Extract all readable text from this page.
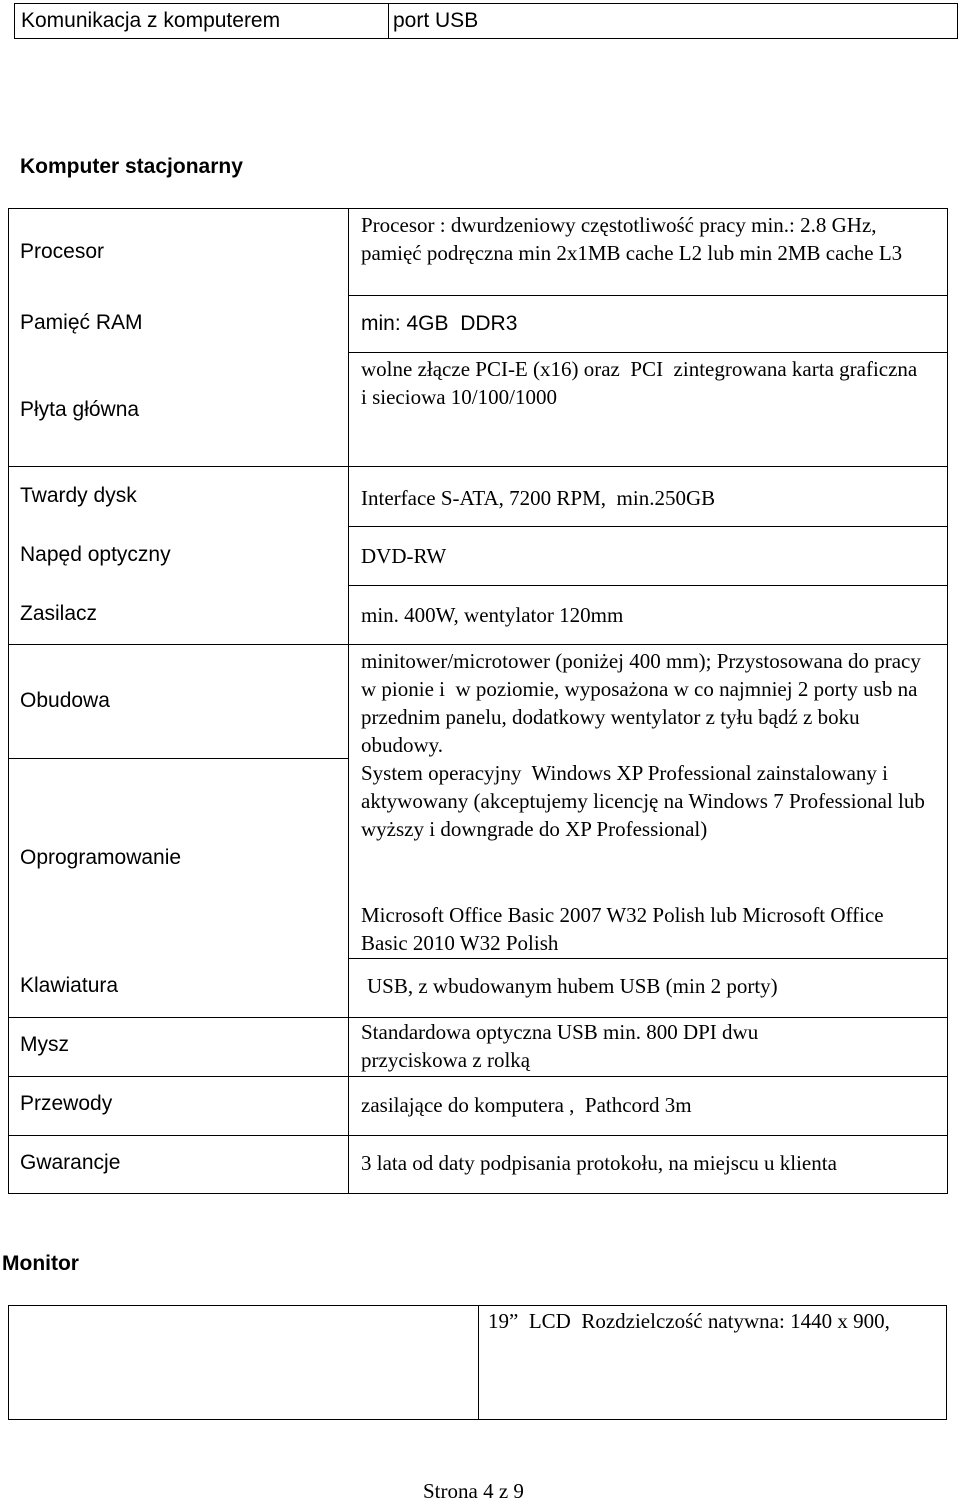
Komunikacja z komputerem	port USB
Komputer stacjonarny
Procesor
Pamięć RAM
Płyta główna
Twardy dysk
Napęd optyczny
Zasilacz
Obudowa
Oprogramowanie
Klawiatura
Mysz
Przewody
Gwarancje
Procesor : dwurdzeniowy częstotliwość pracy min.: 2.8 GHz, pamięć podręczna min 2x1MB cache L2 lub min 2MB cache L3
min: 4GB  DDR3
wolne złącze PCI-E (x16) oraz  PCI  zintegrowana karta graficzna i sieciowa 10/100/1000
Interface S-ATA, 7200 RPM,  min.250GB
DVD-RW
min. 400W, wentylator 120mm
minitower/microtower (poniżej 400 mm); Przystosowana do pracy w pionie i  w poziomie, wyposażona w co najmniej 2 porty usb na przednim panelu, dodatkowy wentylator z tyłu bądź z boku obudowy.
System operacyjny  Windows XP Professional zainstalowany i aktywowany (akceptujemy licencję na Windows 7 Professional lub wyższy i downgrade do XP Professional)
Microsoft Office Basic 2007 W32 Polish lub Microsoft Office Basic 2010 W32 Polish
USB, z wbudowanym hubem USB (min 2 porty)
Standardowa optyczna USB min. 800 DPI dwu przyciskowa z rolką
zasilające do komputera ,  Pathcord 3m
3 lata od daty podpisania protokołu, na miejscu u klienta
Monitor
19”  LCD  Rozdzielczość natywna: 1440 x 900,
Strona 4 z 9
